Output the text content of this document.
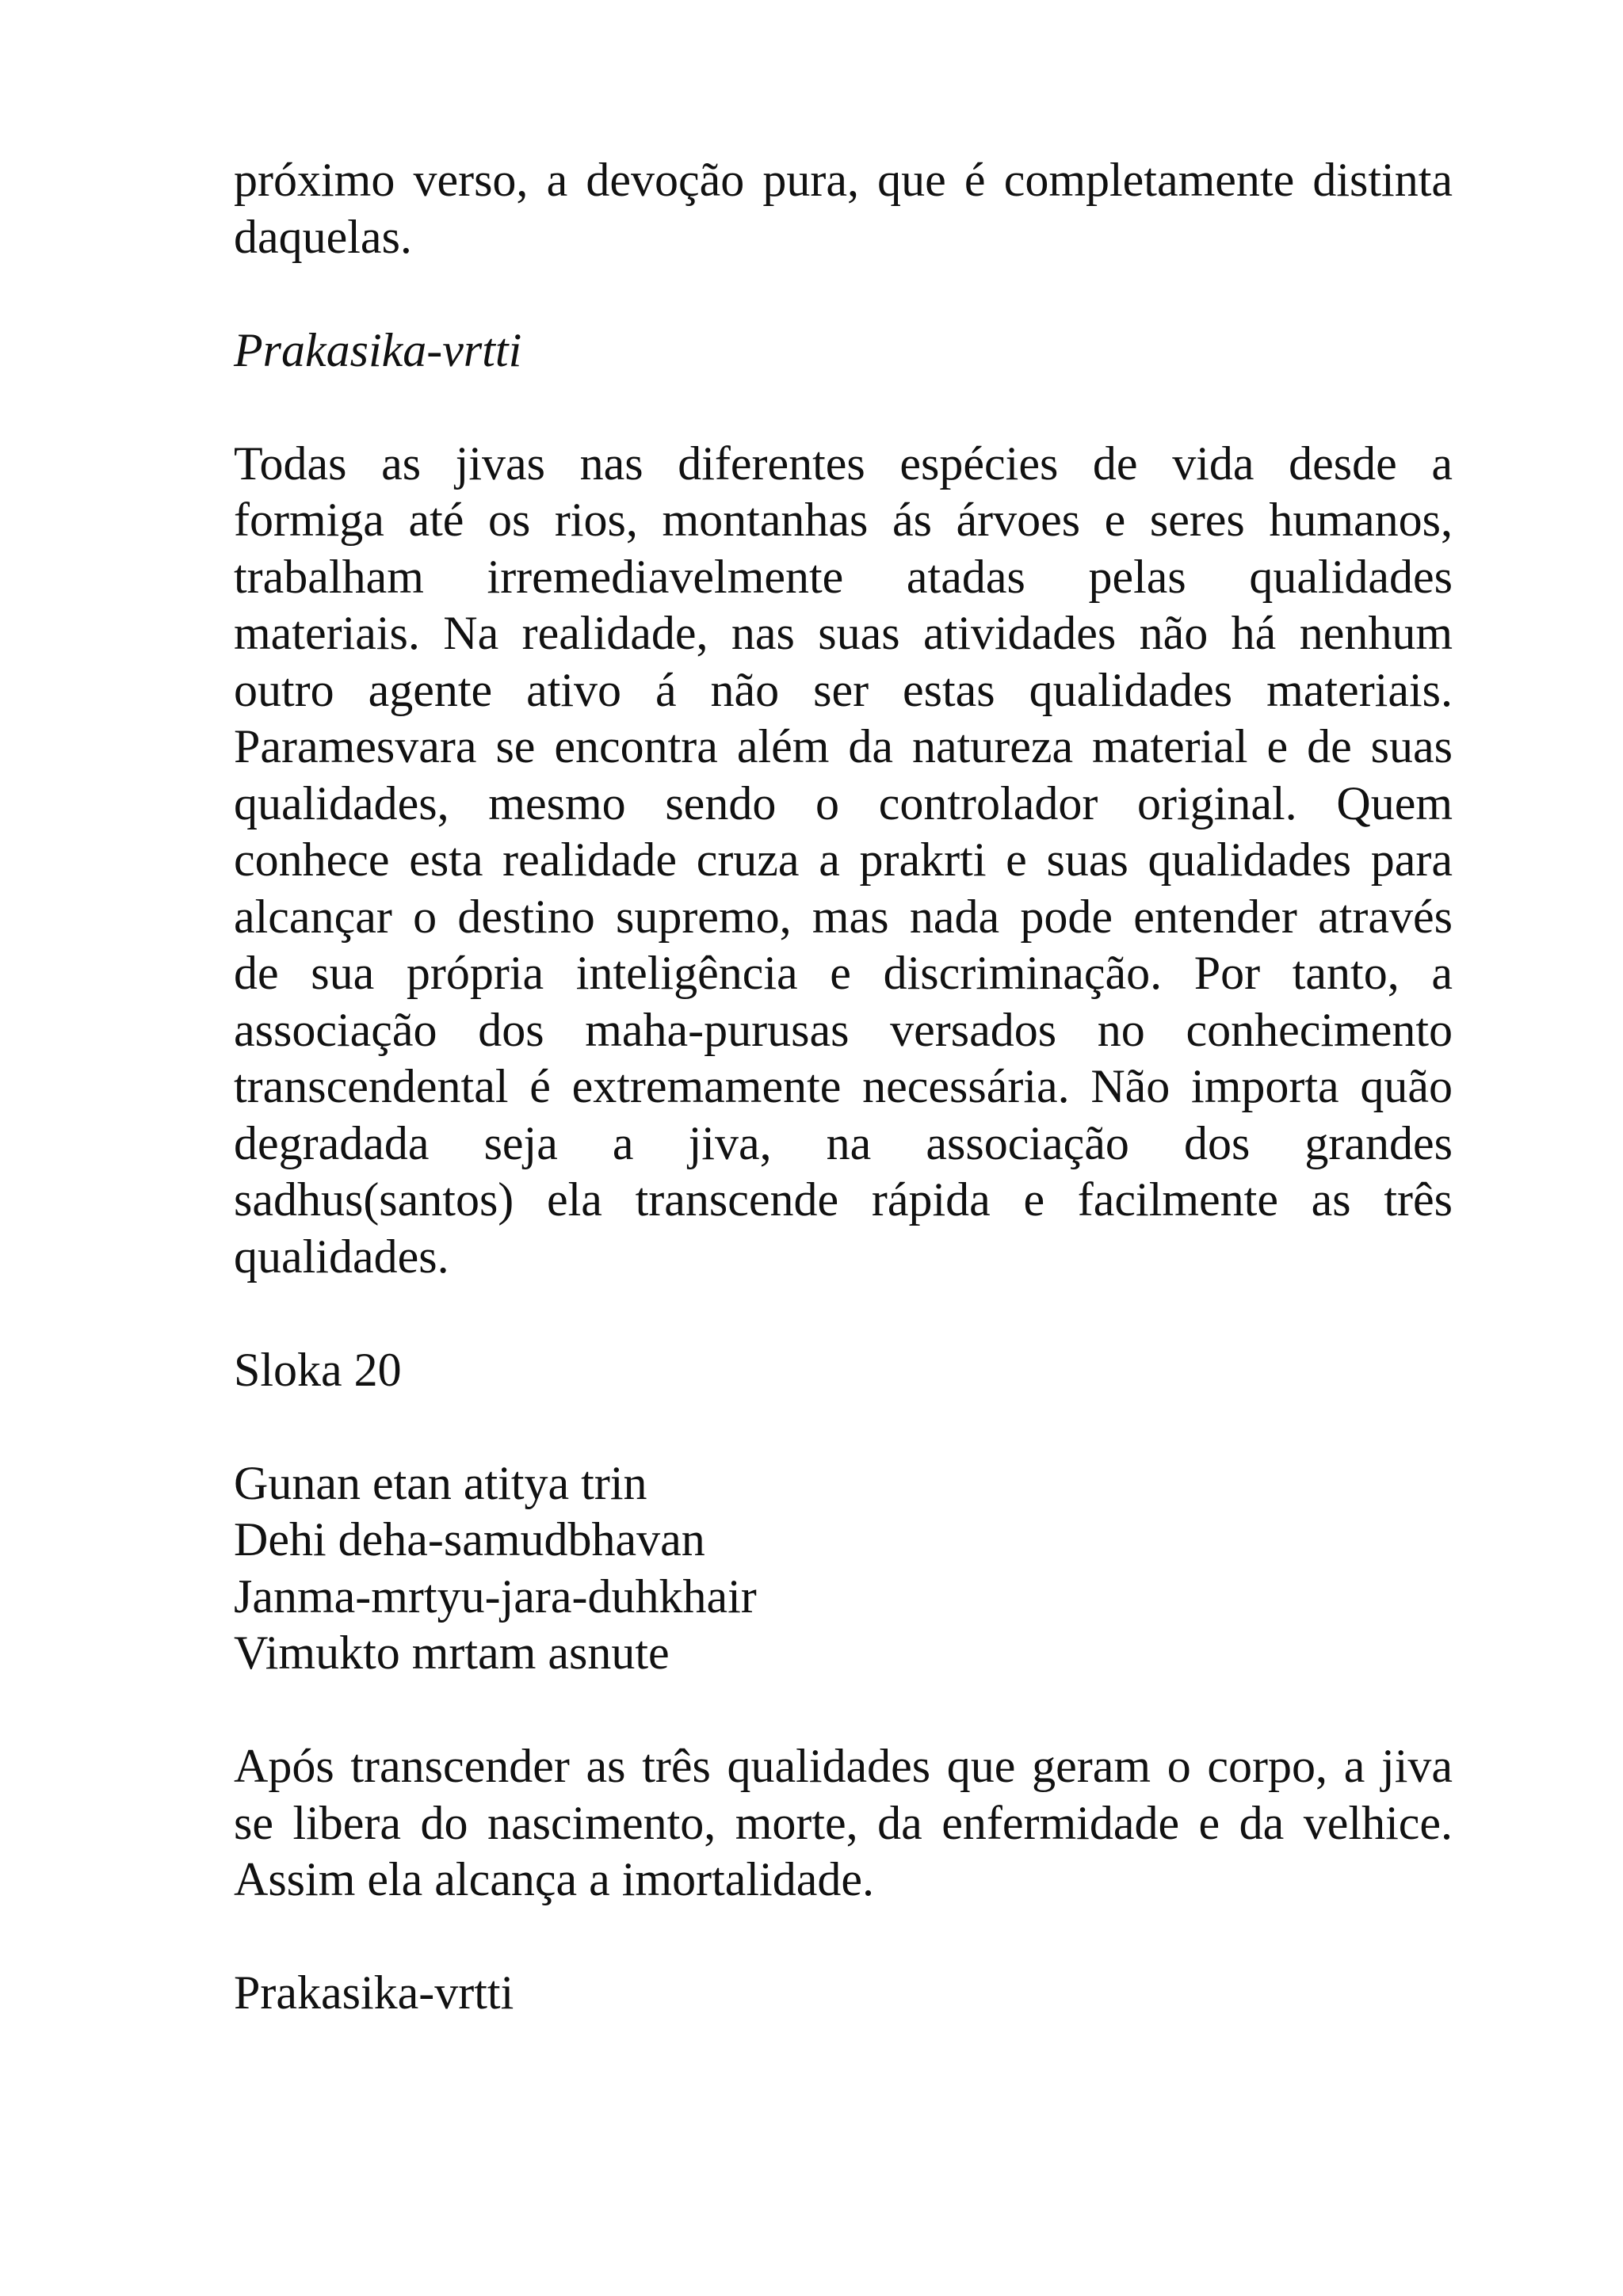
próximo verso, a devoção pura, que é completamente distinta
daquelas.
Prakasika-vrtti
Todas as jivas nas diferentes espécies de vida desde a
formiga até os rios, montanhas ás árvoes e seres humanos,
trabalham irremediavelmente atadas pelas qualidades
materiais. Na realidade, nas suas atividades não há nenhum
outro agente ativo á não ser estas qualidades materiais.
Paramesvara se encontra além da natureza material e de suas
qualidades, mesmo sendo o controlador original. Quem
conhece esta realidade cruza a prakrti e suas qualidades para
alcançar o destino supremo, mas nada pode entender através
de sua própria inteligência e discriminação. Por tanto, a
associação dos maha-purusas versados no conhecimento
transcendental é extremamente necessária. Não importa quão
degradada seja a jiva, na associação dos grandes
sadhus(santos) ela transcende rápida e facilmente as três
qualidades.
Sloka 20
Gunan etan atitya trin
Dehi deha-samudbhavan
Janma-mrtyu-jara-duhkhair
Vimukto mrtam asnute
Após transcender as três qualidades que geram o corpo, a jiva
se libera do nascimento, morte, da enfermidade e da velhice.
Assim ela alcança a imortalidade.
Prakasika-vrtti
